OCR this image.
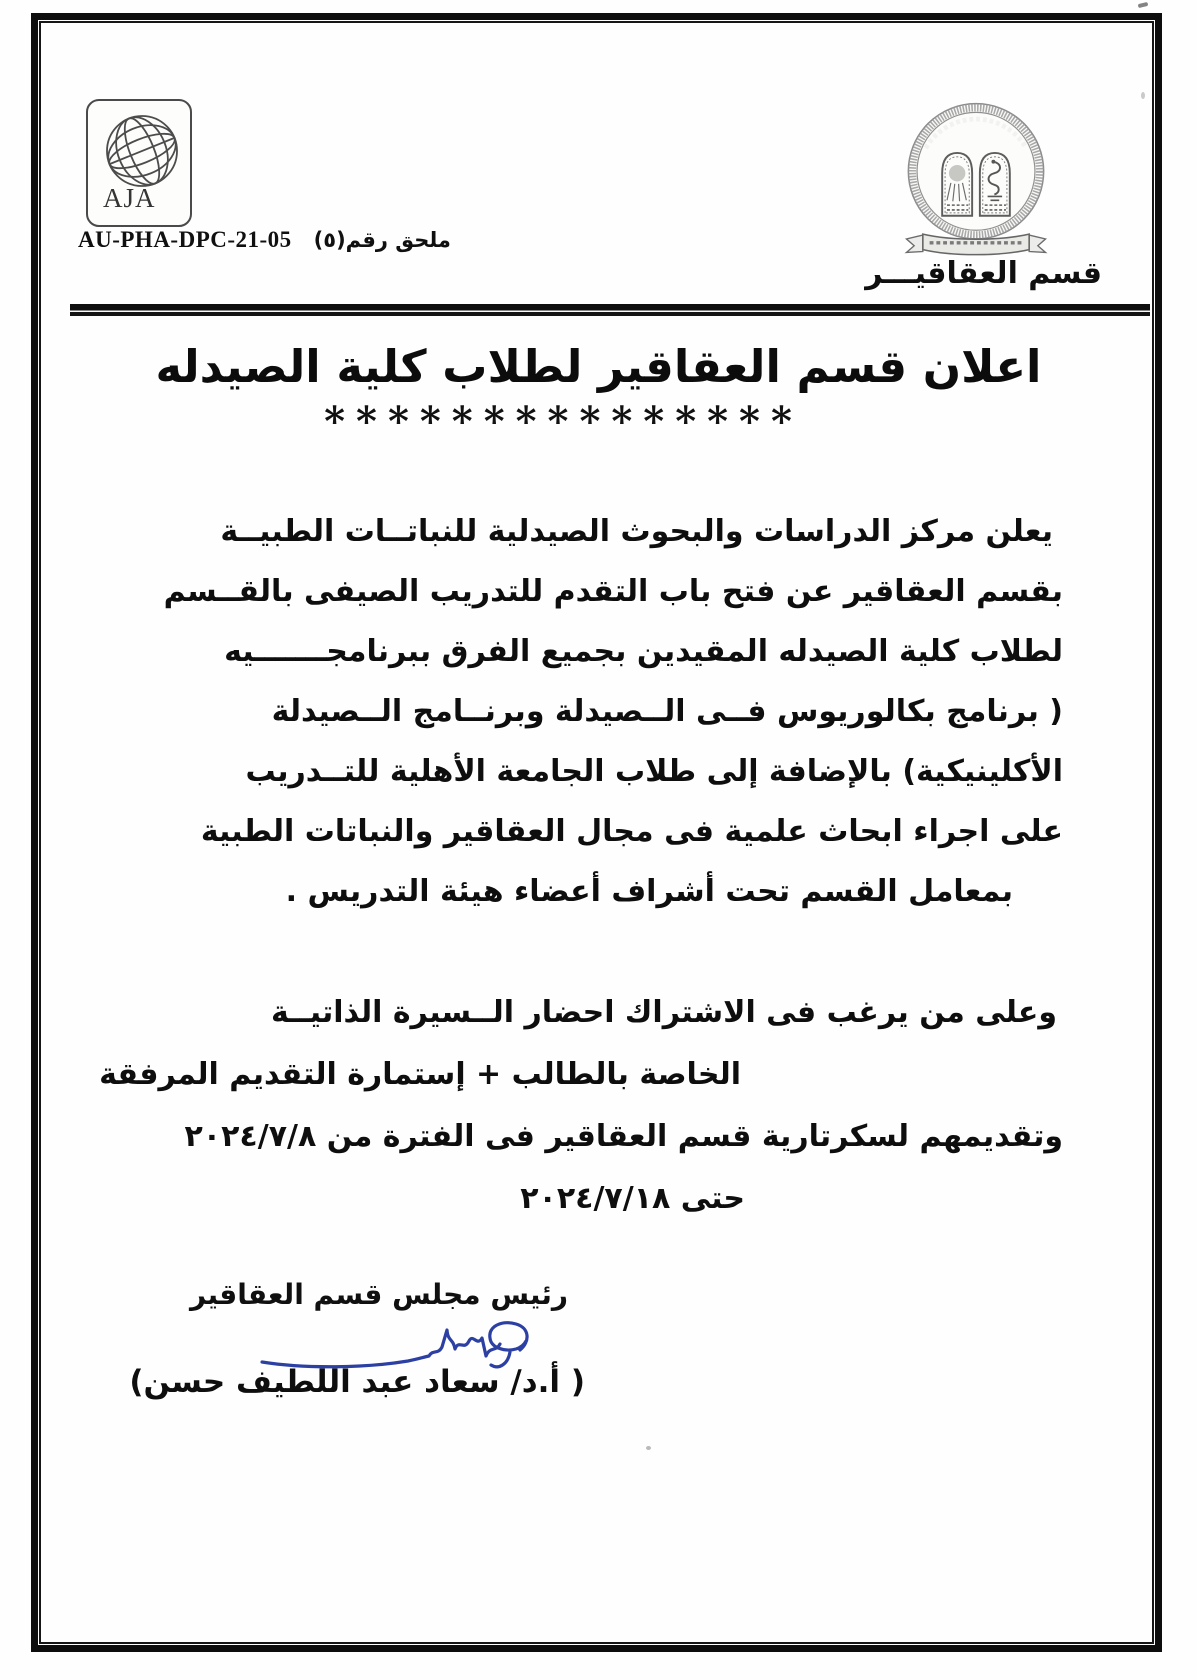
AJA
ملحق رقم(٥)   AU-PHA-DPC-21-05
قسم العقاقيـــر
اعلان قسم العقاقير لطلاب كلية الصيدله
***************
يعلن مركز الدراسات والبحوث الصيدلية للنباتــات الطبيــة
بقسم العقاقير عن فتح باب التقدم للتدريب الصيفى بالقــسم
لطلاب كلية الصيدله المقيدين بجميع الفرق ببرنامجـــــــيه
( برنامج بكالوريوس فــى الــصيدلة وبرنــامج الــصيدلة
الأكلينيكية) بالإضافة إلى طلاب الجامعة الأهلية للتــدريب
على اجراء ابحاث علمية فى مجال العقاقير والنباتات الطبية
بمعامل القسم تحت أشراف أعضاء هيئة التدريس .
وعلى من يرغب فى الاشتراك احضار الــسيرة الذاتيــة
الخاصة بالطالب + إستمارة التقديم المرفقة
وتقديمهم لسكرتارية قسم العقاقير فى الفترة من ٢٠٢٤/٧/٨
حتى ٢٠٢٤/٧/١٨
رئيس مجلس قسم العقاقير
( أ.د/ سعاد عبد اللطيف حسن)
